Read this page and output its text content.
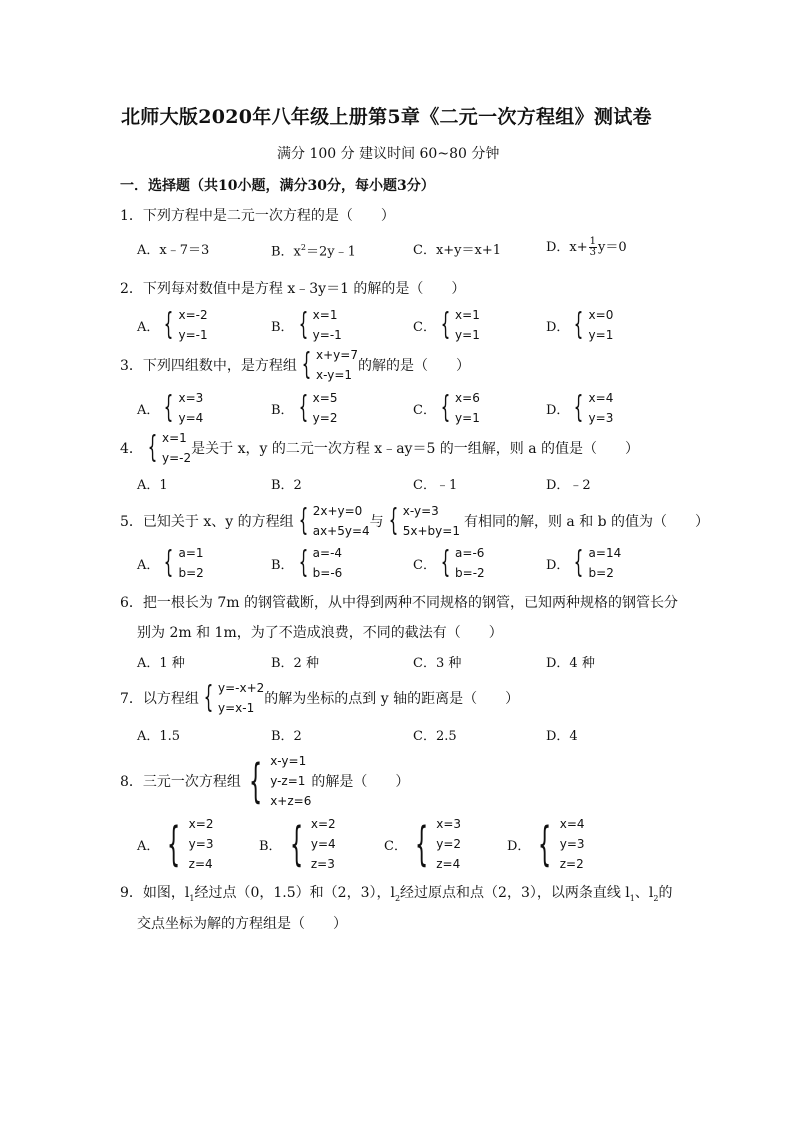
北师大版2020年八年级上册第5章《二元一次方程组》测试卷
满分 100 分 建议时间 60~80 分钟
一．选择题（共10小题，满分30分，每小题3分）
1．下列方程中是二元一次方程的是（　　）
A．x﹣7＝3	B．$x^2=2y﹣1$	C．x+y＝x+1	D．$x+ \frac{1}{3} y=0$
2．下列每对数值中是方程 x﹣3y＝1 的解的是（　　）
A． { x=-2
y=-1
B． { x=1
y=-1
C． { x=1
y=1
D． { x=0
y=1
3．下列四组数中，是方程组 { x+y=7
x-y=1
的解的是（　　）
A． { x=3
y=4
B． { x=5
y=2
C． { x=6
y=1
D． { x=4
y=3
4． { x=1
y=-2
是关于 x，y 的二元一次方程 x﹣ay＝5 的一组解，则 a 的值是（　　）
A．1	B．2	C．﹣1	D．﹣2
5．已知关于 x、y 的方程组 { 2x+y=0
ax+5y=4
与 { x-y=3
5x+by=1
有相同的解，则 a 和 b 的值为（　　）
A． { a=1
b=2
B． { a=-4
b=-6
C． { a=-6
b=-2
D． { a=14
b=2
6．把一根长为 7m 的钢管截断，从中得到两种不同规格的钢管，已知两种规格的钢管长分
别为 2m 和 1m，为了不造成浪费，不同的截法有（　　）
A．1 种	B．2 种	C．3 种	D．4 种
7．以方程组 { y=-x+2
y=x-1
的解为坐标的点到 y 轴的距离是（　　）
A．1.5	B．2	C．2.5	D．4
8．三元一次方程组 { x-y=1
y-z=1
x+z=6
的解是（　　）
A． { x=2
y=3
z=4
B． { x=2
y=4
z=3
C． { x=3
y=2
z=4
D． { x=4
y=3
z=2
9．如图，$l_1$经过点（0，1.5）和（2，3），$l_2$经过原点和点（2，3），以两条直线 $l_1$、$l_2$的
交点坐标为解的方程组是（　　）
